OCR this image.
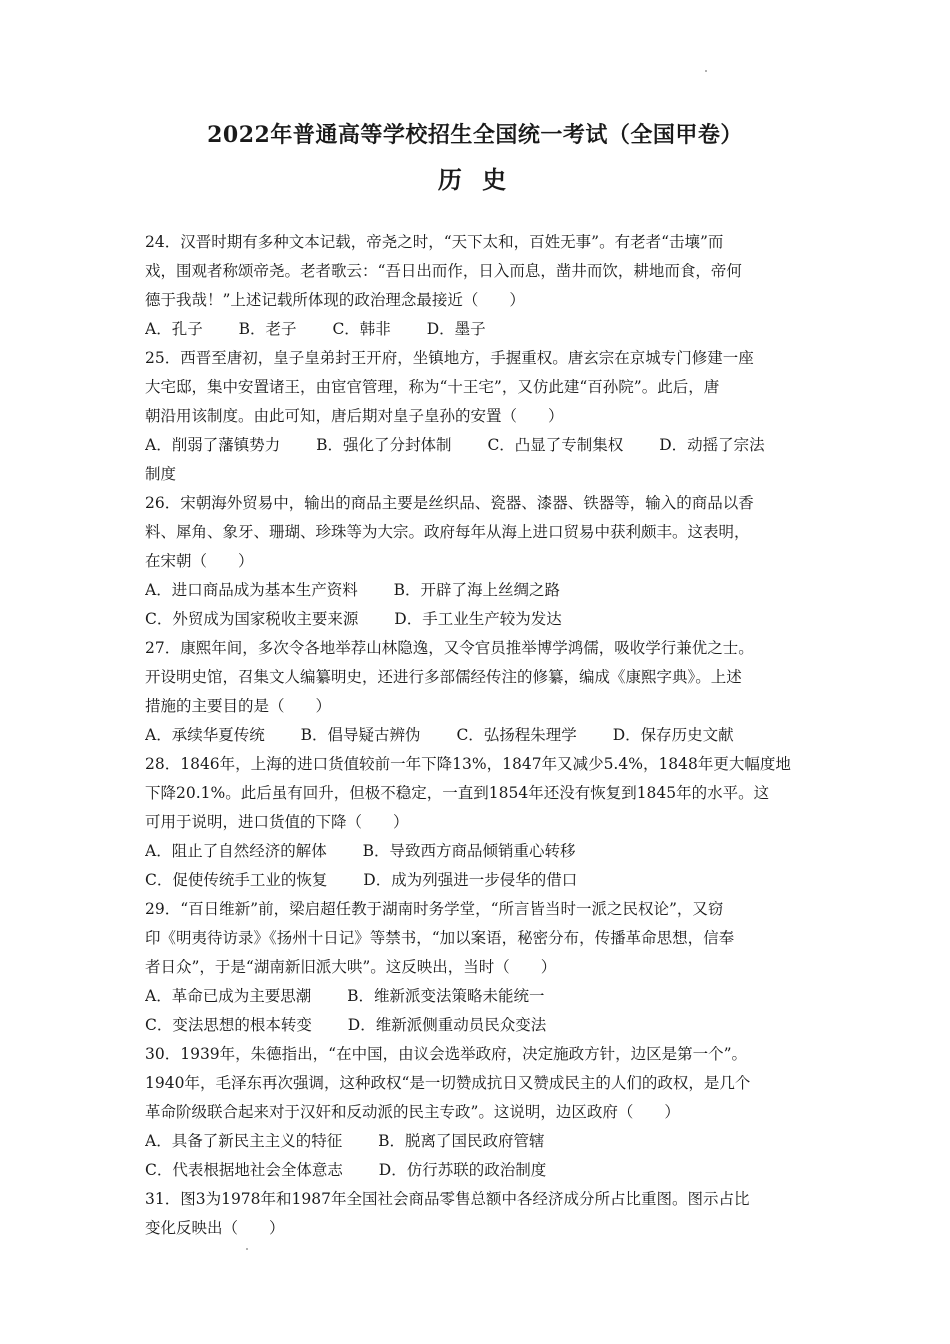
2022年普通高等学校招生全国统一考试（全国甲卷）
历 史
24．汉晋时期有多种文本记载，帝尧之时，“天下太和，百姓无事”。有老者“击壤”而
戏，围观者称颂帝尧。老者歌云：“吾日出而作，日入而息，凿井而饮，耕地而食，帝何
德于我哉！”上述记载所体现的政治理念最接近（　　）
A．孔子　　 B．老子　　 C．韩非　　 D．墨子
25．西晋至唐初，皇子皇弟封王开府，坐镇地方，手握重权。唐玄宗在京城专门修建一座
大宅邸，集中安置诸王，由宦官管理，称为“十王宅”，又仿此建“百孙院”。此后，唐
朝沿用该制度。由此可知，唐后期对皇子皇孙的安置（　　）
A．削弱了藩镇势力　　 B．强化了分封体制　　 C．凸显了专制集权　　 D．动摇了宗法
制度
26．宋朝海外贸易中，输出的商品主要是丝织品、瓷器、漆器、铁器等，输入的商品以香
料、犀角、象牙、珊瑚、珍珠等为大宗。政府每年从海上进口贸易中获利颇丰。这表明，
在宋朝（　　）
A．进口商品成为基本生产资料　　 B．开辟了海上丝绸之路
C．外贸成为国家税收主要来源　　 D．手工业生产较为发达
27．康熙年间，多次令各地举荐山林隐逸，又令官员推举博学鸿儒，吸收学行兼优之士。
开设明史馆，召集文人编纂明史，还进行多部儒经传注的修纂，编成《康熙字典》。上述
措施的主要目的是（　　）
A．承续华夏传统　　 B．倡导疑古辨伪　　 C．弘扬程朱理学　　 D．保存历史文献
28．1846年，上海的进口货值较前一年下降13%，1847年又减少5.4%，1848年更大幅度地
下降20.1%。此后虽有回升，但极不稳定，一直到1854年还没有恢复到1845年的水平。这
可用于说明，进口货值的下降（　　）
A．阻止了自然经济的解体　　 B．导致西方商品倾销重心转移
C．促使传统手工业的恢复　　 D．成为列强进一步侵华的借口
29．“百日维新”前，梁启超任教于湖南时务学堂，“所言皆当时一派之民权论”，又窃
印《明夷待访录》《扬州十日记》等禁书，“加以案语，秘密分布，传播革命思想，信奉
者日众”，于是“湖南新旧派大哄”。这反映出，当时（　　）
A．革命已成为主要思潮　　 B．维新派变法策略未能统一
C．变法思想的根本转变　　 D．维新派侧重动员民众变法
30．1939年，朱德指出，“在中国，由议会选举政府，决定施政方针，边区是第一个”。
1940年，毛泽东再次强调，这种政权“是一切赞成抗日又赞成民主的人们的政权，是几个
革命阶级联合起来对于汉奸和反动派的民主专政”。这说明，边区政府（　　）
A．具备了新民主主义的特征　　 B．脱离了国民政府管辖
C．代表根据地社会全体意志　　 D．仿行苏联的政治制度
31．图3为1978年和1987年全国社会商品零售总额中各经济成分所占比重图。图示占比
变化反映出（　　）
